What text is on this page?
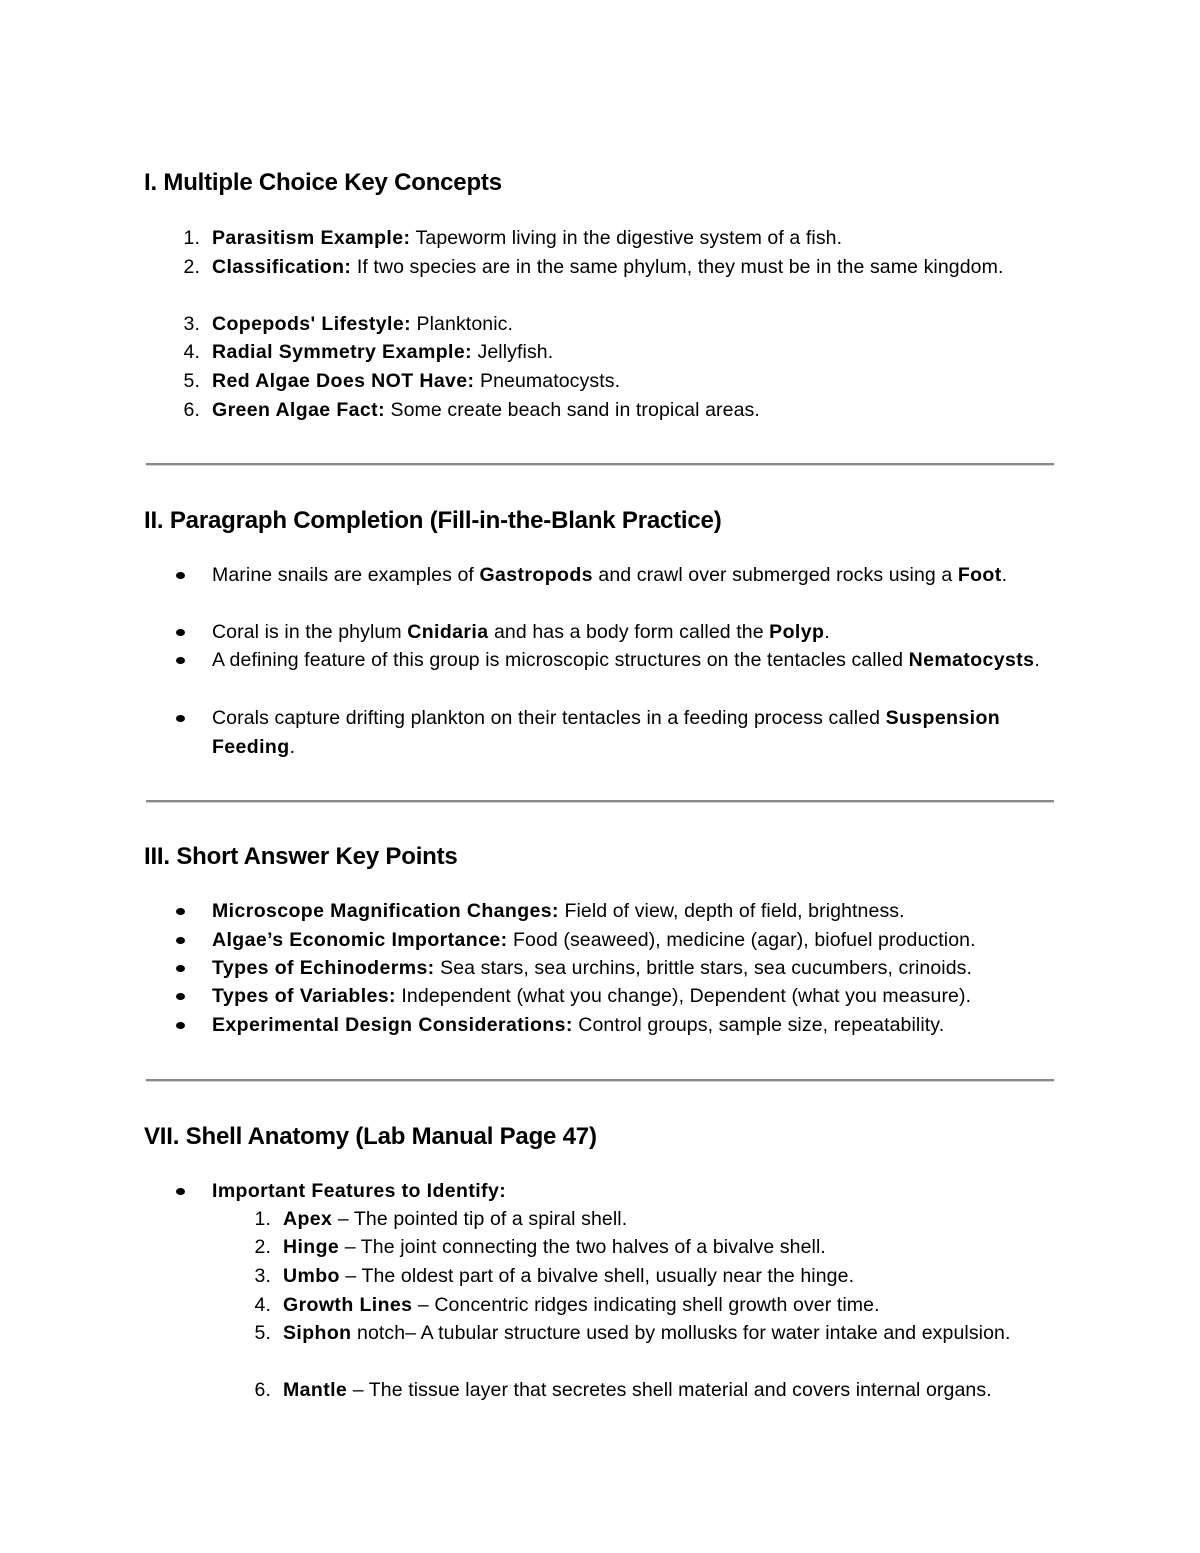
I. Multiple Choice Key Concepts

1. Parasitism Example: Tapeworm living in the digestive system of a fish.

2. Classification: If two species are in the same phylum, they must be in the same kingdom.

3. Copepods' Lifestyle: Planktonic.

4. Radial Symmetry Example: Jellyfish.

5. Red Algae Does NOT Have: Pneumatocysts.

6. Green Algae Fact: Some create beach sand in tropical areas.

II. Paragraph Completion (Fill-in-the-Blank Practice)

Marine snails are examples of Gastropods and crawl over submerged rocks using a Foot.

Coral is in the phylum Cnidaria and has a body form called the Polyp.

A defining feature of this group is microscopic structures on the tentacles called Nematocysts.

Corals capture drifting plankton on their tentacles in a feeding process called Suspension Feeding.

III. Short Answer Key Points

Microscope Magnification Changes: Field of view, depth of field, brightness.

Algae’s Economic Importance: Food (seaweed), medicine (agar), biofuel production.

Types of Echinoderms: Sea stars, sea urchins, brittle stars, sea cucumbers, crinoids.

Types of Variables: Independent (what you change), Dependent (what you measure).

Experimental Design Considerations: Control groups, sample size, repeatability.

VII. Shell Anatomy (Lab Manual Page 47)

Important Features to Identify:

1. Apex – The pointed tip of a spiral shell.

2. Hinge – The joint connecting the two halves of a bivalve shell.

3. Umbo – The oldest part of a bivalve shell, usually near the hinge.

4. Growth Lines – Concentric ridges indicating shell growth over time.

5. Siphon notch– A tubular structure used by mollusks for water intake and expulsion.

6. Mantle – The tissue layer that secretes shell material and covers internal organs.
